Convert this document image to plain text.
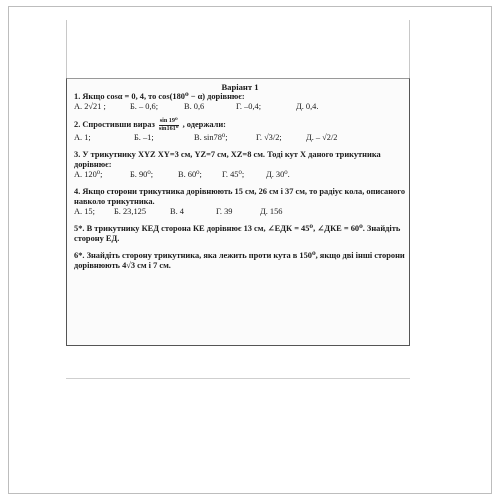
Варіант 1
1. Якщо cosα = 0, 4, то cos(180⁰ − α) дорівнює:
А. 2√21 ;	Б. – 0,6;	В. 0,6	Г. –0,4;	Д. 0,4.
2. Спростивши вираз $\frac{\text{sin 19⁰}}{\text{sin161⁰}}$ , одержали:
А. 1;	Б. –1;	В. sin78⁰;	Г. √3/2;	Д. – √2/2
3. У трикутнику XYZ XY=3 см, YZ=7 см, XZ=8 см. Тоді кут X даного трикутника дорівнює:
А. 120⁰;	Б. 90⁰;	В. 60⁰;	Г. 45⁰;	Д. 30⁰.
4. Якщо сторони трикутника дорівнюють 15 см, 26 см і 37 см, то радіус кола, описаного навколо трикутника.
А. 15;	Б. 23,125	В. 4	Г. 39	Д. 156
5*. В трикутнику КЕД сторона КЕ дорівнює 13 см, ∠ЕДК = 45⁰, ∠ДКЕ = 60⁰. Знайдіть сторону ЕД.
6*. Знайдіть сторону трикутника, яка лежить проти кута в 150⁰, якщо дві інші сторони дорівнюють 4√3 см і 7 см.
